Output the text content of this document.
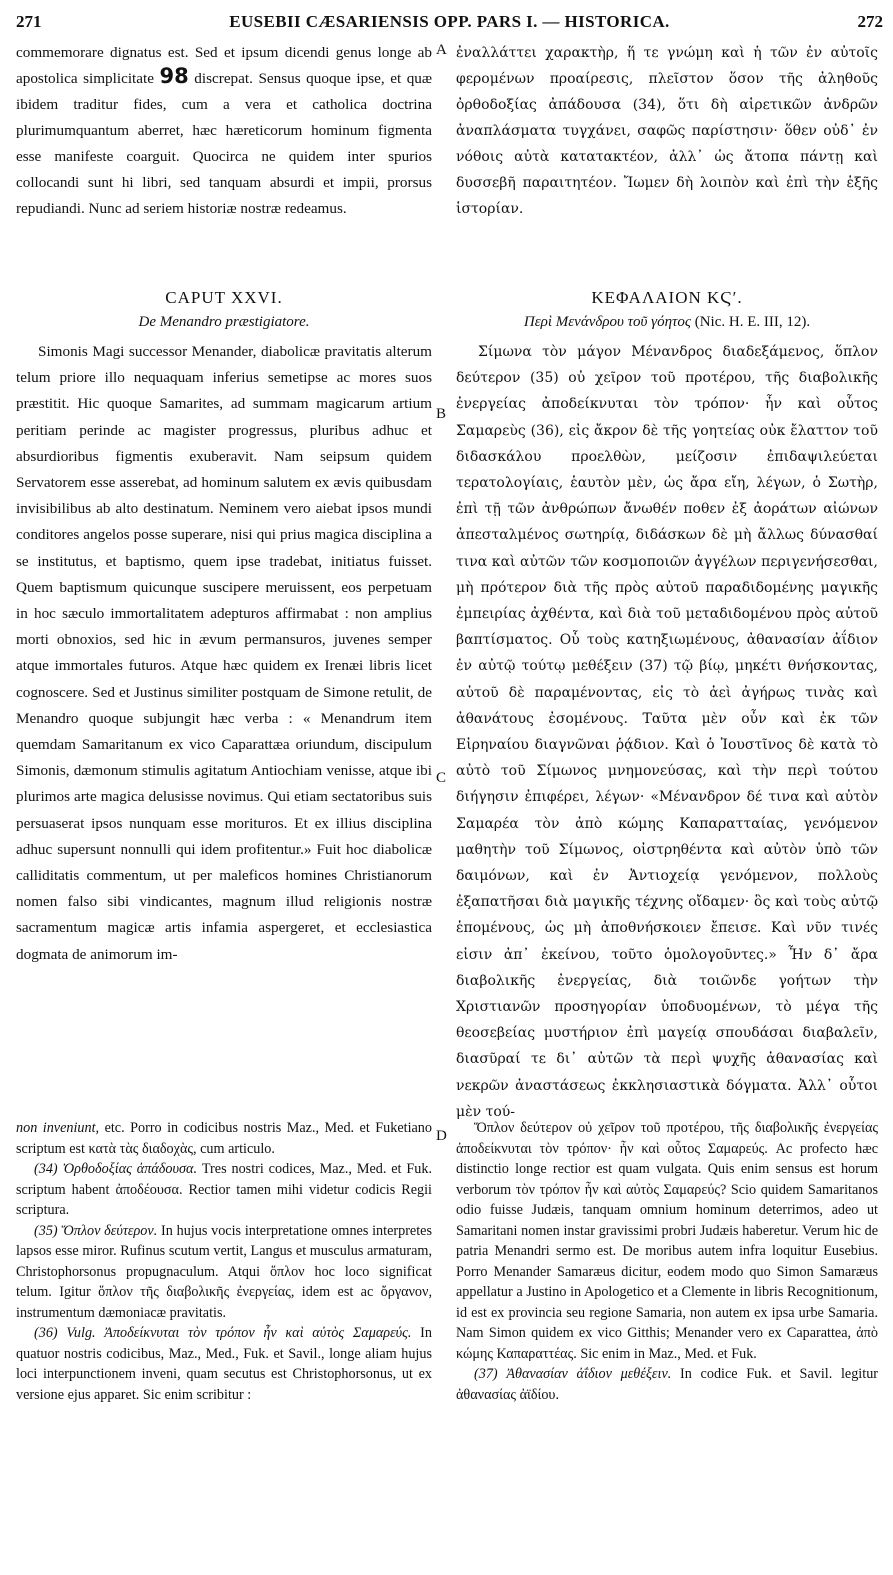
271	EUSEBII CÆSARIENSIS OPP. PARS I. — HISTORICA.	272
commemorare dignatus est. Sed et ipsum dicendi genus longe ab apostolica simplicitate 98 discrepat. Sensus quoque ipse, et quæ ibidem traditur fides, cum a vera et catholica doctrina plurimumquantum aberret, hæc hæreticorum hominum figmenta esse manifeste coarguit. Quocirca ne quidem inter spurios collocandi sunt hi libri, sed tanquam absurdi et impii, prorsus repudiandi. Nunc ad seriem historiæ nostræ redeamus.
ἐναλλάττει χαρακτὴρ, ἥ τε γνώμη καὶ ἡ τῶν ἐν αὐτοῖς φερομένων προαίρεσις, πλεῖστον ὅσον τῆς ἀληθοῦς ὀρθοδοξίας ἀπάδουσα (34), ὅτι δὴ αἱρετικῶν ἀνδρῶν ἀναπλάσματα τυγχάνει, σαφῶς παρίστησιν· ὅθεν οὐδ᾽ ἐν νόθοις αὐτὰ κατατακτέον, ἀλλ᾽ ὡς ἄτοπα πάντῃ καὶ δυσσεβῆ παραιτητέον. Ἴωμεν δὴ λοιπὸν καὶ ἐπὶ τὴν ἑξῆς ἱστορίαν.
A
B
C
D
CAPUT XXVI.
De Menandro præstigiatore.

Simonis Magi successor Menander, diabolicæ pravitatis alterum telum priore illo nequaquam inferius semetipse ac mores suos præstitit. Hic quoque Samarites, ad summam magicarum artium peritiam perinde ac magister progressus, pluribus adhuc et absurdioribus figmentis exuberavit. Nam seipsum quidem Servatorem esse asserebat, ad hominum salutem ex ævis quibusdam invisibilibus ab alto destinatum. Neminem vero aiebat ipsos mundi conditores angelos posse superare, nisi qui prius magica disciplina a se institutus, et baptismo, quem ipse tradebat, initiatus fuisset. Quem baptismum quicunque suscipere meruissent, eos perpetuam in hoc sæculo immortalitatem adepturos affirmabat : non amplius morti obnoxios, sed hic in ævum permansuros, juvenes semper atque immortales futuros. Atque hæc quidem ex Irenæi libris licet cognoscere. Sed et Justinus similiter postquam de Simone retulit, de Menandro quoque subjungit hæc verba : « Menandrum item quemdam Samaritanum ex vico Caparattæa oriundum, discipulum Simonis, dæmonum stimulis agitatum Antiochiam venisse, atque ibi plurimos arte magica delusisse novimus. Qui etiam sectatoribus suis persuaserat ipsos nunquam esse morituros. Et ex illius disciplina adhuc supersunt nonnulli qui idem profitentur.» Fuit hoc diabolicæ calliditatis commentum, ut per maleficos homines Christianorum nomen falso sibi vindicantes, magnum illud religionis nostræ sacramentum magicæ artis infamia aspergeret, et ecclesiastica dogmata de animorum im-

ΚΕΦΑΛΑΙΟΝ ΚϚʹ.
Περὶ Μενάνδρου τοῦ γόητος (Nic. H. E. III, 12).

Σίμωνα τὸν μάγον Μένανδρος διαδεξάμενος, ὅπλον δεύτερον (35) οὐ χεῖρον τοῦ προτέρου, τῆς διαβολικῆς ἐνεργείας ἀποδείκνυται τὸν τρόπον· ἦν καὶ οὗτος Σαμαρεὺς (36), εἰς ἄκρον δὲ τῆς γοητείας οὐκ ἔλαττον τοῦ διδασκάλου προελθὼν, μείζοσιν ἐπιδαψιλεύεται τερατολογίαις, ἑαυτὸν μὲν, ὡς ἄρα εἴη, λέγων, ὁ Σωτὴρ, ἐπὶ τῇ τῶν ἀνθρώπων ἄνωθέν ποθεν ἐξ ἀοράτων αἰώνων ἀπεσταλμένος σωτηρίᾳ, διδάσκων δὲ μὴ ἄλλως δύνασθαί τινα καὶ αὐτῶν τῶν κοσμοποιῶν ἀγγέλων περιγενήσεσθαι, μὴ πρότερον διὰ τῆς πρὸς αὐτοῦ παραδιδομένης μαγικῆς ἐμπειρίας ἀχθέντα, καὶ διὰ τοῦ μεταδιδομένου πρὸς αὐτοῦ βαπτίσματος. Οὗ τοὺς κατηξιωμένους, ἀθανασίαν ἀΐδιον ἐν αὐτῷ τούτῳ μεθέξειν (37) τῷ βίῳ, μηκέτι θνήσκοντας, αὐτοῦ δὲ παραμένοντας, εἰς τὸ ἀεὶ ἀγήρως τινὰς καὶ ἀθανάτους ἐσομένους. Ταῦτα μὲν οὖν καὶ ἐκ τῶν Εἰρηναίου διαγνῶναι ῥᾴδιον. Καὶ ὁ Ἰουστῖνος δὲ κατὰ τὸ αὐτὸ τοῦ Σίμωνος μνημονεύσας, καὶ τὴν περὶ τούτου διήγησιν ἐπιφέρει, λέγων· «Μένανδρον δέ τινα καὶ αὐτὸν Σαμαρέα τὸν ἀπὸ κώμης Καπαρατταίας, γενόμενον μαθητὴν τοῦ Σίμωνος, οἰστρηθέντα καὶ αὐτὸν ὑπὸ τῶν δαιμόνων, καὶ ἐν Ἀντιοχείᾳ γενόμενον, πολλοὺς ἐξαπατῆσαι διὰ μαγικῆς τέχνης οἴδαμεν· ὃς καὶ τοὺς αὐτῷ ἑπομένους, ὡς μὴ ἀποθνήσκοιεν ἔπεισε. Καὶ νῦν τινές εἰσιν ἀπ᾽ ἐκείνου, τοῦτο ὁμολογοῦντες.» Ἦν δ᾽ ἄρα διαβολικῆς ἐνεργείας, διὰ τοιῶνδε γοήτων τὴν Χριστιανῶν προσηγορίαν ὑποδυομένων, τὸ μέγα τῆς θεοσεβείας μυστήριον ἐπὶ μαγείᾳ σπουδάσαι διαβαλεῖν, διασῦραί τε δι᾽ αὐτῶν τὰ περὶ ψυχῆς ἀθανασίας καὶ νεκρῶν ἀναστάσεως ἐκκλησιαστικὰ δόγματα. Ἀλλ᾽ οὗτοι μὲν τού-

non inveniunt, etc. Porro in codicibus nostris Maz., Med. et Fuketiano scriptum est κατὰ τὰς διαδοχὰς, cum articulo.

(34) Ὀρθοδοξίας ἀπάδουσα. Tres nostri codices, Maz., Med. et Fuk. scriptum habent ἀποδέουσα. Rectior tamen mihi videtur codicis Regii scriptura.

(35) Ὅπλον δεύτερον. In hujus vocis interpretatione omnes interpretes lapsos esse miror. Rufinus scutum vertit, Langus et musculus armaturam, Christophorsonus propugnaculum. Atqui ὅπλον hoc loco significat telum. Igitur ὅπλον τῆς διαβολικῆς ἐνεργείας, idem est ac ὄργανον, instrumentum dæmoniacæ pravitatis.

(36) Vulg. Ἀποδείκνυται τὸν τρόπον ἦν καὶ αὐτὸς Σαμαρεύς. In quatuor nostris codicibus, Maz., Med., Fuk. et Savil., longe aliam hujus loci interpunctionem inveni, quam secutus est Christophorsonus, ut ex versione ejus apparet. Sic enim scribitur :

Ὅπλον δεύτερον οὐ χεῖρον τοῦ προτέρου, τῆς διαβολικῆς ἐνεργείας ἀποδείκνυται τὸν τρόπον· ἦν καὶ οὗτος Σαμαρεύς. Ac profecto hæc distinctio longe rectior est quam vulgata. Quis enim sensus est horum verborum τὸν τρόπον ἦν καὶ αὐτὸς Σαμαρεύς? Scio quidem Samaritanos odio fuisse Judæis, tanquam omnium hominum deterrimos, adeo ut Samaritani nomen instar gravissimi probri Judæis haberetur. Verum hic de patria Menandri sermo est. De moribus autem infra loquitur Eusebius. Porro Menander Samaræus dicitur, eodem modo quo Simon Samaræus appellatur a Justino in Apologetico et a Clemente in libris Recognitionum, id est ex provincia seu regione Samaria, non autem ex ipsa urbe Samaria. Nam Simon quidem ex vico Gitthis; Menander vero ex Caparattea, ἀπὸ κώμης Καπαραττέας. Sic enim in Maz., Med. et Fuk.

(37) Ἀθανασίαν ἀΐδιον μεθέξειν. In codice Fuk. et Savil. legitur ἀθανασίας ἀϊδίου.
